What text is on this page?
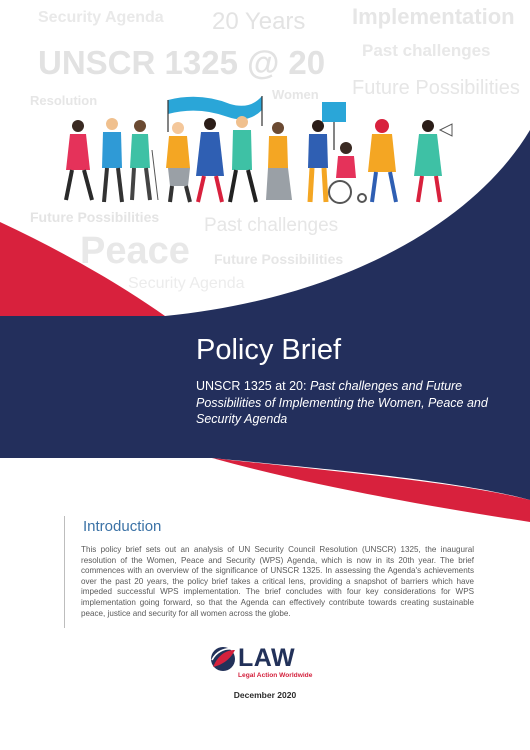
Security Agenda 20 Years Implementation
UNSCR 1325 @ 20 Past challenges
Resolution	Women Future Possibilities
Future Possibilities Past challenges
Peace Future Possibilities
Security Agenda
Policy Brief
UNSCR 1325 at 20: Past challenges and Future Possibilities of Implementing the Women, Peace and Security Agenda
Introduction
This policy brief sets out an analysis of UN Security Council Resolution (UNSCR) 1325, the inaugural resolution of the Women, Peace and Security (WPS) Agenda, which is now in its 20th year. The brief commences with an overview of the significance of UNSCR 1325. In assessing the Agenda's achievements over the past 20 years, the policy brief takes a critical lens, providing a snapshot of barriers which have impeded successful WPS implementation. The brief concludes with four key considerations for WPS implementation going forward, so that the Agenda can effectively contribute towards creating sustainable peace, justice and security for all women across the globe.
LAW
Legal Action Worldwide
December 2020
